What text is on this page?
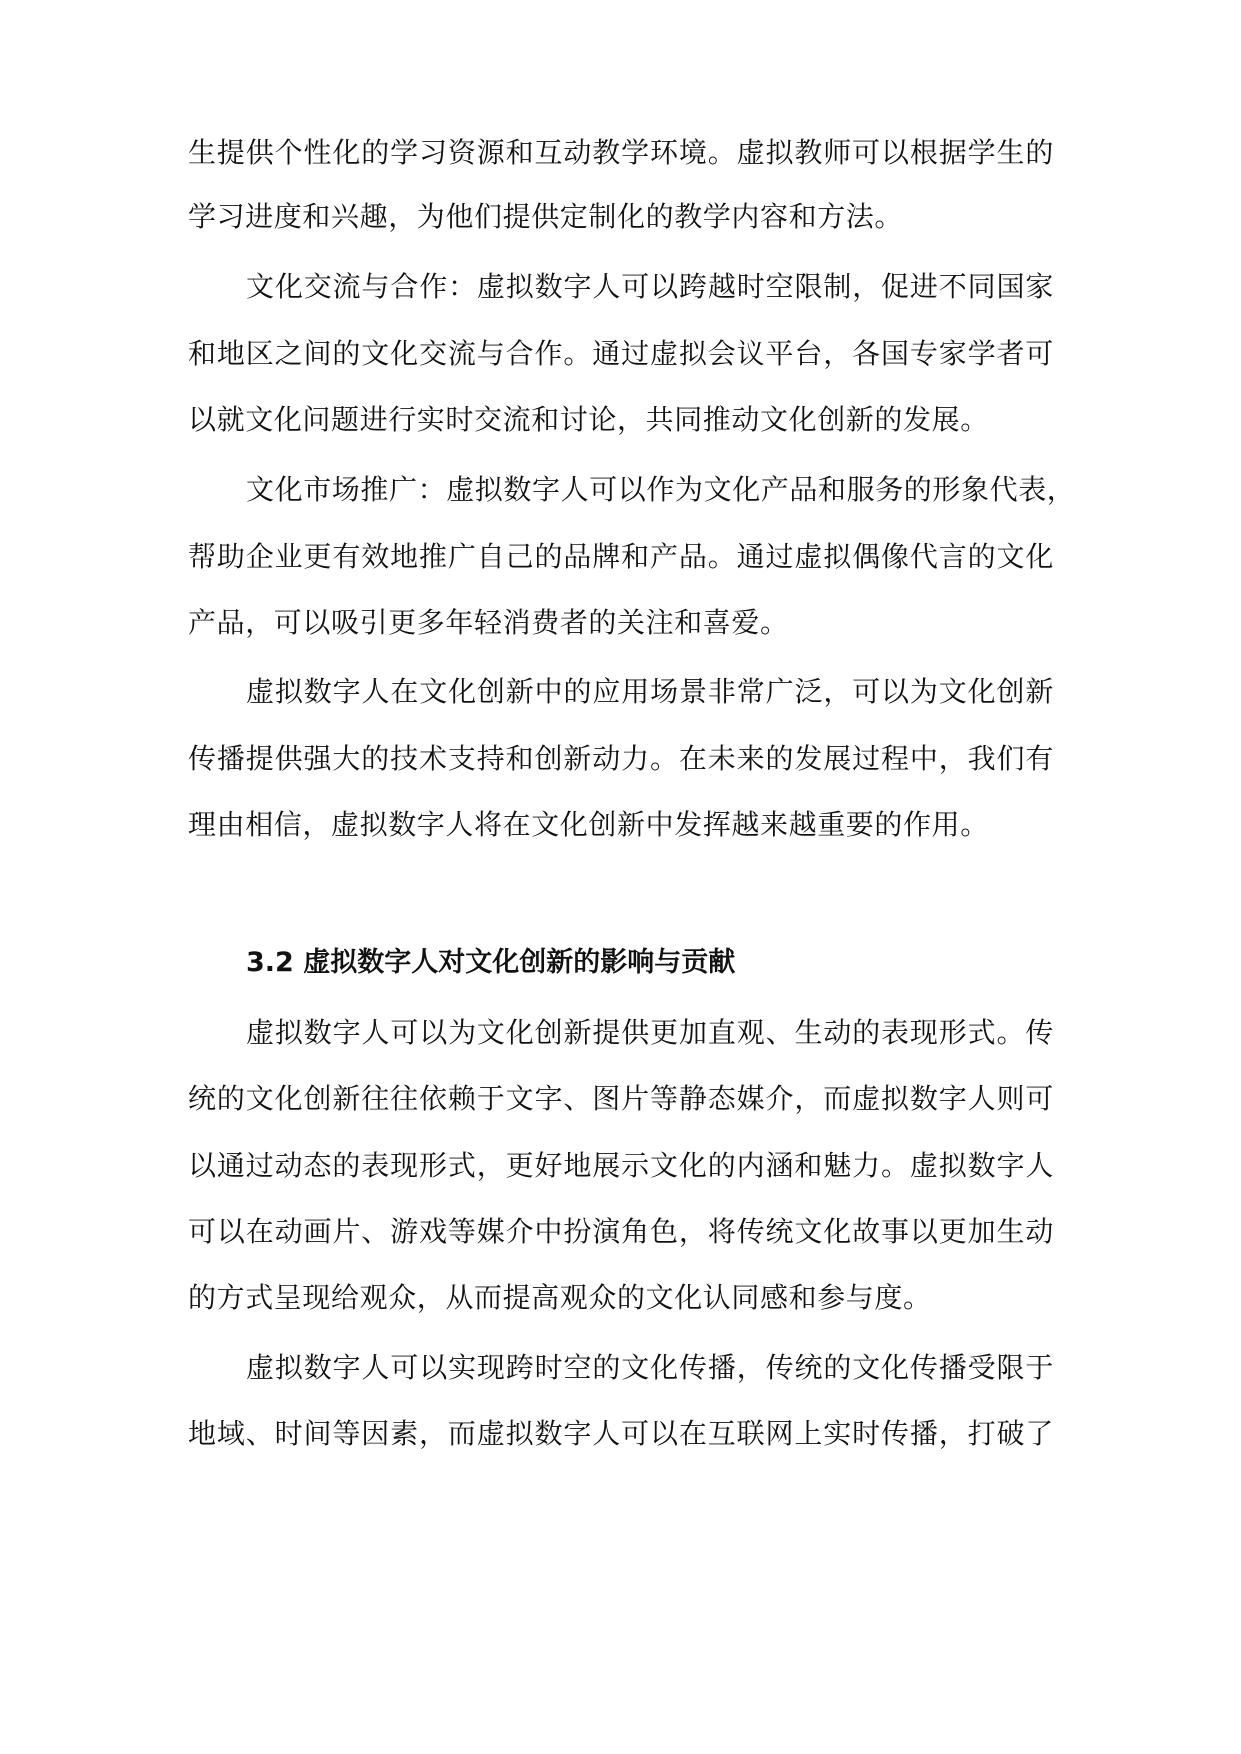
生提供个性化的学习资源和互动教学环境。虚拟教师可以根据学生的
学习进度和兴趣，为他们提供定制化的教学内容和方法。
文化交流与合作：虚拟数字人可以跨越时空限制，促进不同国家
和地区之间的文化交流与合作。通过虚拟会议平台，各国专家学者可
以就文化问题进行实时交流和讨论，共同推动文化创新的发展。
文化市场推广：虚拟数字人可以作为文化产品和服务的形象代表，
帮助企业更有效地推广自己的品牌和产品。通过虚拟偶像代言的文化
产品，可以吸引更多年轻消费者的关注和喜爱。
虚拟数字人在文化创新中的应用场景非常广泛，可以为文化创新
传播提供强大的技术支持和创新动力。在未来的发展过程中，我们有
理由相信，虚拟数字人将在文化创新中发挥越来越重要的作用。
虚拟数字人可以为文化创新提供更加直观、生动的表现形式。传
统的文化创新往往依赖于文字、图片等静态媒介，而虚拟数字人则可
以通过动态的表现形式，更好地展示文化的内涵和魅力。虚拟数字人
可以在动画片、游戏等媒介中扮演角色，将传统文化故事以更加生动
的方式呈现给观众，从而提高观众的文化认同感和参与度。
虚拟数字人可以实现跨时空的文化传播，传统的文化传播受限于
地域、时间等因素，而虚拟数字人可以在互联网上实时传播，打破了
3.2 虚拟数字人对文化创新的影响与贡献
